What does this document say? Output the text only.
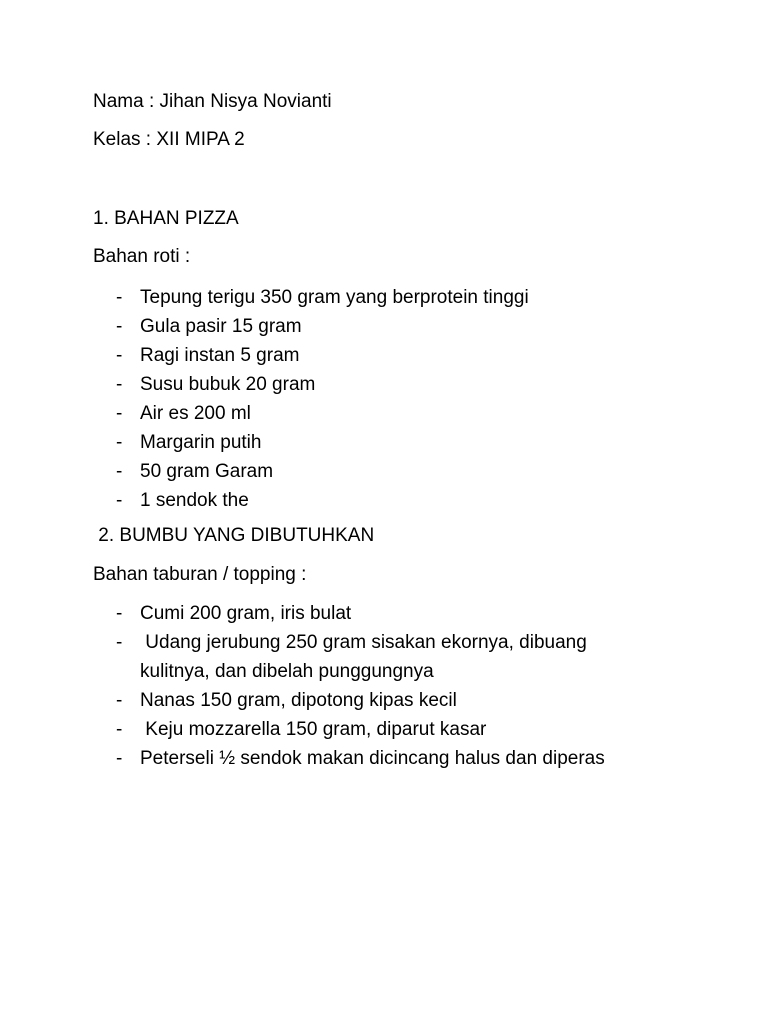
Nama : Jihan Nisya Novianti
Kelas : XII MIPA 2
1. BAHAN PIZZA
Bahan roti :
- Tepung terigu 350 gram yang berprotein tinggi
- Gula pasir 15 gram
- Ragi instan 5 gram
- Susu bubuk 20 gram
- Air es 200 ml
- Margarin putih
- 50 gram Garam
- 1 sendok the
2. BUMBU YANG DIBUTUHKAN
Bahan taburan / topping :
- Cumi 200 gram, iris bulat
- Udang jerubung 250 gram sisakan ekornya, dibuang kulitnya, dan dibelah punggungnya
- Nanas 150 gram, dipotong kipas kecil
- Keju mozzarella 150 gram, diparut kasar
- Peterseli ½ sendok makan dicincang halus dan diperas
